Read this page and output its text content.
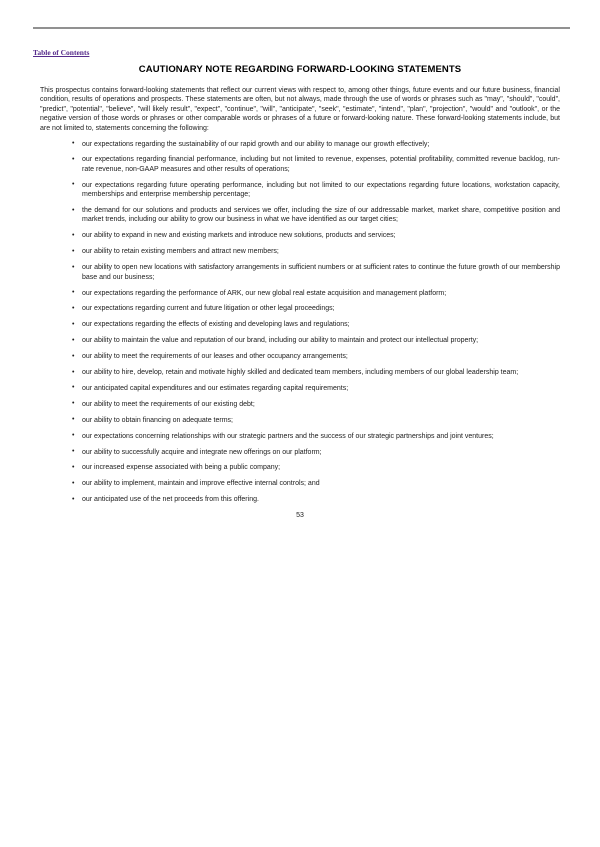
Table of Contents
CAUTIONARY NOTE REGARDING FORWARD-LOOKING STATEMENTS
This prospectus contains forward-looking statements that reflect our current views with respect to, among other things, future events and our future business, financial condition, results of operations and prospects. These statements are often, but not always, made through the use of words or phrases such as "may", "should", "could", "predict", "potential", "believe", "will likely result", "expect", "continue", "will", "anticipate", "seek", "estimate", "intend", "plan", "projection", "would" and "outlook", or the negative version of those words or phrases or other comparable words or phrases of a future or forward-looking nature. These forward-looking statements include, but are not limited to, statements concerning the following:
• our expectations regarding the sustainability of our rapid growth and our ability to manage our growth effectively;
• our expectations regarding financial performance, including but not limited to revenue, expenses, potential profitability, committed revenue backlog, run-rate revenue, non-GAAP measures and other results of operations;
• our expectations regarding future operating performance, including but not limited to our expectations regarding future locations, workstation capacity, memberships and enterprise membership percentage;
• the demand for our solutions and products and services we offer, including the size of our addressable market, market share, competitive position and market trends, including our ability to grow our business in what we have identified as our target cities;
• our ability to expand in new and existing markets and introduce new solutions, products and services;
• our ability to retain existing members and attract new members;
• our ability to open new locations with satisfactory arrangements in sufficient numbers or at sufficient rates to continue the future growth of our membership base and our business;
• our expectations regarding the performance of ARK, our new global real estate acquisition and management platform;
• our expectations regarding current and future litigation or other legal proceedings;
• our expectations regarding the effects of existing and developing laws and regulations;
• our ability to maintain the value and reputation of our brand, including our ability to maintain and protect our intellectual property;
• our ability to meet the requirements of our leases and other occupancy arrangements;
• our ability to hire, develop, retain and motivate highly skilled and dedicated team members, including members of our global leadership team;
• our anticipated capital expenditures and our estimates regarding capital requirements;
• our ability to meet the requirements of our existing debt;
• our ability to obtain financing on adequate terms;
• our expectations concerning relationships with our strategic partners and the success of our strategic partnerships and joint ventures;
• our ability to successfully acquire and integrate new offerings on our platform;
• our increased expense associated with being a public company;
• our ability to implement, maintain and improve effective internal controls; and
• our anticipated use of the net proceeds from this offering.
53
